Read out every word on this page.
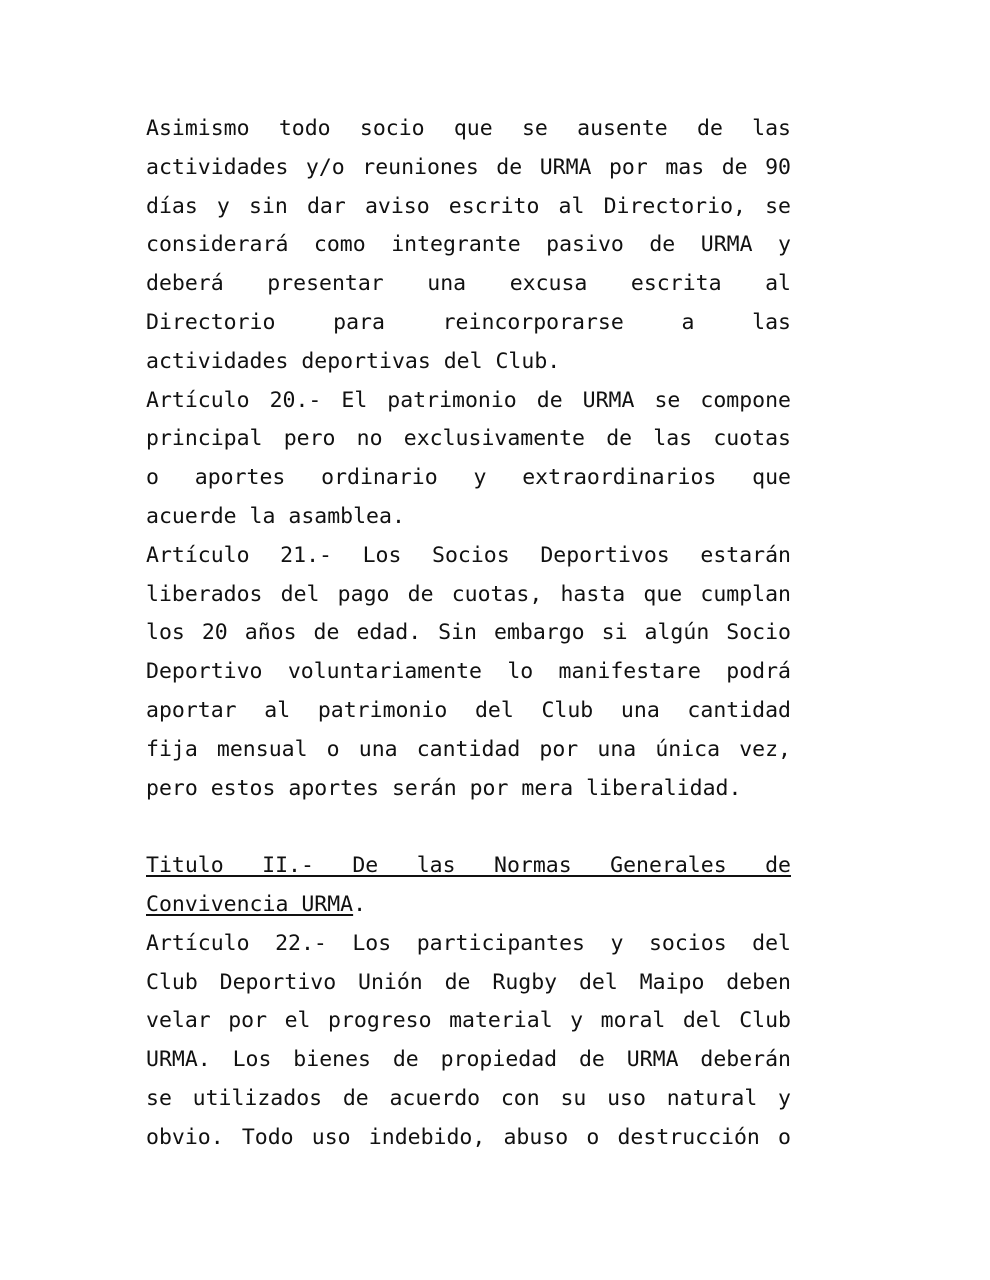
Asimismo todo socio que se ausente de las
actividades y/o reuniones de URMA por mas de 90
días y sin dar aviso escrito al Directorio, se
considerará como integrante pasivo de URMA y
deberá presentar una excusa escrita al
Directorio para reincorporarse a las
actividades deportivas del Club.
Artículo 20.- El patrimonio de URMA se compone
principal pero no exclusivamente de las cuotas
o aportes ordinario y extraordinarios que
acuerde la asamblea.
Artículo 21.- Los Socios Deportivos estarán
liberados del pago de cuotas, hasta que cumplan
los 20 años de edad. Sin embargo si algún Socio
Deportivo voluntariamente lo manifestare podrá
aportar al patrimonio del Club una cantidad
fija mensual o una cantidad por una única vez,
pero estos aportes serán por mera liberalidad.
Titulo II.- De las Normas Generales de
Convivencia URMA.
Artículo 22.- Los participantes y socios del
Club Deportivo Unión de Rugby del Maipo deben
velar por el progreso material y moral del Club
URMA. Los bienes de propiedad de URMA deberán
se utilizados de acuerdo con su uso natural y
obvio. Todo uso indebido, abuso o destrucción o
